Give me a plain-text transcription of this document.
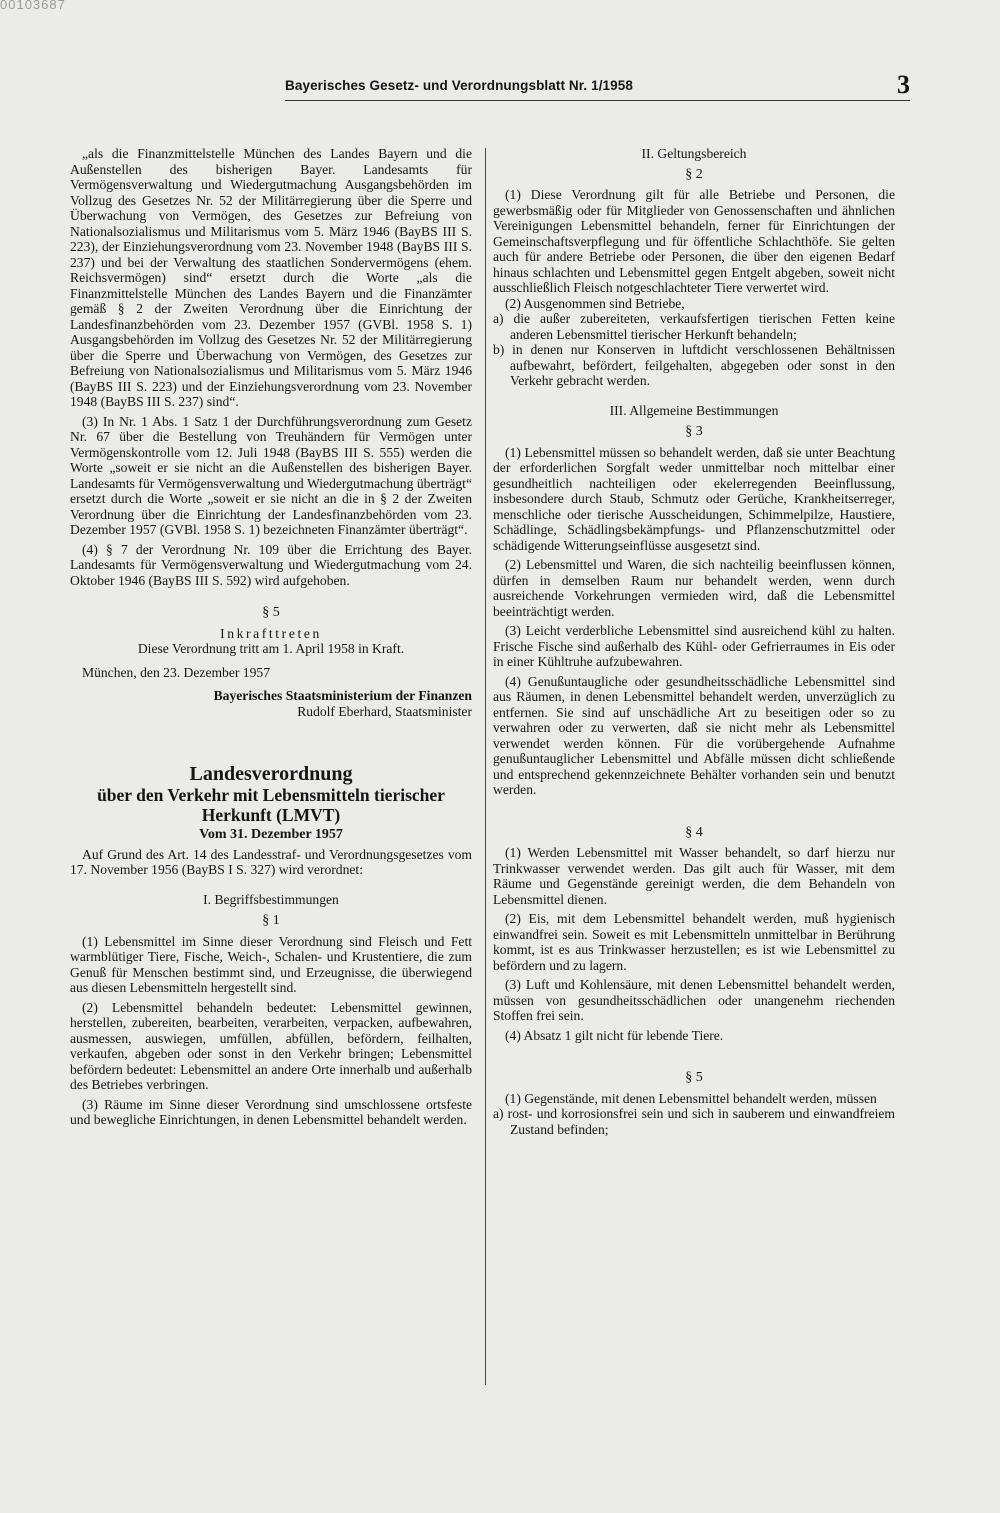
00103687
Bayerisches Gesetz- und Verordnungsblatt Nr. 1/1958	3

„als die Finanzmittelstelle München des Landes Bayern und die Außenstellen des bisherigen Bayer. Landesamts für Vermögensverwaltung und Wiedergutmachung Ausgangsbehörden im Vollzug des Gesetzes Nr. 52 der Militärregierung über die Sperre und Überwachung von Vermögen, des Gesetzes zur Befreiung von Nationalsozialismus und Militarismus vom 5. März 1946 (BayBS III S. 223), der Einziehungsverordnung vom 23. November 1948 (BayBS III S. 237) und bei der Verwaltung des staatlichen Sondervermögens (ehem. Reichsvermögen) sind“ ersetzt durch die Worte „als die Finanzmittelstelle München des Landes Bayern und die Finanzämter gemäß § 2 der Zweiten Verordnung über die Einrichtung der Landesfinanzbehörden vom 23. Dezember 1957 (GVBl. 1958 S. 1) Ausgangsbehörden im Vollzug des Gesetzes Nr. 52 der Militärregierung über die Sperre und Überwachung von Vermögen, des Gesetzes zur Befreiung von Nationalsozialismus und Militarismus vom 5. März 1946 (BayBS III S. 223) und der Einziehungsverordnung vom 23. November 1948 (BayBS III S. 237) sind“.

(3) In Nr. 1 Abs. 1 Satz 1 der Durchführungsverordnung zum Gesetz Nr. 67 über die Bestellung von Treuhändern für Vermögen unter Vermögenskontrolle vom 12. Juli 1948 (BayBS III S. 555) werden die Worte „soweit er sie nicht an die Außenstellen des bisherigen Bayer. Landesamts für Vermögensverwaltung und Wiedergutmachung überträgt“ ersetzt durch die Worte „soweit er sie nicht an die in § 2 der Zweiten Verordnung über die Einrichtung der Landesfinanzbehörden vom 23. Dezember 1957 (GVBl. 1958 S. 1) bezeichneten Finanzämter überträgt“.

(4) § 7 der Verordnung Nr. 109 über die Errichtung des Bayer. Landesamts für Vermögensverwaltung und Wiedergutmachung vom 24. Oktober 1946 (BayBS III S. 592) wird aufgehoben.

§ 5

Inkrafttreten

Diese Verordnung tritt am 1. April 1958 in Kraft.

München, den 23. Dezember 1957

Bayerisches Staatsministerium der Finanzen

Rudolf Eberhard, Staatsminister

Landesverordnung

über den Verkehr mit Lebensmitteln tierischer

Herkunft (LMVT)

Vom 31. Dezember 1957

Auf Grund des Art. 14 des Landesstraf- und Verordnungsgesetzes vom 17. November 1956 (BayBS I S. 327) wird verordnet:

I. Begriffsbestimmungen

§ 1

(1) Lebensmittel im Sinne dieser Verordnung sind Fleisch und Fett warmblütiger Tiere, Fische, Weich-, Schalen- und Krustentiere, die zum Genuß für Menschen bestimmt sind, und Erzeugnisse, die überwiegend aus diesen Lebensmitteln hergestellt sind.

(2) Lebensmittel behandeln bedeutet: Lebensmittel gewinnen, herstellen, zubereiten, bearbeiten, verarbeiten, verpacken, aufbewahren, ausmessen, auswiegen, umfüllen, abfüllen, befördern, feilhalten, verkaufen, abgeben oder sonst in den Verkehr bringen; Lebensmittel befördern bedeutet: Lebensmittel an andere Orte innerhalb und außerhalb des Betriebes verbringen.

(3) Räume im Sinne dieser Verordnung sind umschlossene ortsfeste und bewegliche Einrichtungen, in denen Lebensmittel behandelt werden.

II. Geltungsbereich

§ 2

(1) Diese Verordnung gilt für alle Betriebe und Personen, die gewerbsmäßig oder für Mitglieder von Genossenschaften und ähnlichen Vereinigungen Lebensmittel behandeln, ferner für Einrichtungen der Gemeinschaftsverpflegung und für öffentliche Schlachthöfe. Sie gelten auch für andere Betriebe oder Personen, die über den eigenen Bedarf hinaus schlachten und Lebensmittel gegen Entgelt abgeben, soweit nicht ausschließlich Fleisch notgeschlachteter Tiere verwertet wird.

(2) Ausgenommen sind Betriebe,

a) die außer zubereiteten, verkaufsfertigen tierischen Fetten keine anderen Lebensmittel tierischer Herkunft behandeln;

b) in denen nur Konserven in luftdicht verschlossenen Behältnissen aufbewahrt, befördert, feilgehalten, abgegeben oder sonst in den Verkehr gebracht werden.

III. Allgemeine Bestimmungen

§ 3

(1) Lebensmittel müssen so behandelt werden, daß sie unter Beachtung der erforderlichen Sorgfalt weder unmittelbar noch mittelbar einer gesundheitlich nachteiligen oder ekelerregenden Beeinflussung, insbesondere durch Staub, Schmutz oder Gerüche, Krankheitserreger, menschliche oder tierische Ausscheidungen, Schimmelpilze, Haustiere, Schädlinge, Schädlingsbekämpfungs- und Pflanzenschutzmittel oder schädigende Witterungseinflüsse ausgesetzt sind.

(2) Lebensmittel und Waren, die sich nachteilig beeinflussen können, dürfen in demselben Raum nur behandelt werden, wenn durch ausreichende Vorkehrungen vermieden wird, daß die Lebensmittel beeinträchtigt werden.

(3) Leicht verderbliche Lebensmittel sind ausreichend kühl zu halten. Frische Fische sind außerhalb des Kühl- oder Gefrierraumes in Eis oder in einer Kühltruhe aufzubewahren.

(4) Genußuntaugliche oder gesundheitsschädliche Lebensmittel sind aus Räumen, in denen Lebensmittel behandelt werden, unverzüglich zu entfernen. Sie sind auf unschädliche Art zu beseitigen oder so zu verwahren oder zu verwerten, daß sie nicht mehr als Lebensmittel verwendet werden können. Für die vorübergehende Aufnahme genußuntauglicher Lebensmittel und Abfälle müssen dicht schließende und entsprechend gekennzeichnete Behälter vorhanden sein und benutzt werden.

§ 4

(1) Werden Lebensmittel mit Wasser behandelt, so darf hierzu nur Trinkwasser verwendet werden. Das gilt auch für Wasser, mit dem Räume und Gegenstände gereinigt werden, die dem Behandeln von Lebensmittel dienen.

(2) Eis, mit dem Lebensmittel behandelt werden, muß hygienisch einwandfrei sein. Soweit es mit Lebensmitteln unmittelbar in Berührung kommt, ist es aus Trinkwasser herzustellen; es ist wie Lebensmittel zu befördern und zu lagern.

(3) Luft und Kohlensäure, mit denen Lebensmittel behandelt werden, müssen von gesundheitsschädlichen oder unangenehm riechenden Stoffen frei sein.

(4) Absatz 1 gilt nicht für lebende Tiere.

§ 5

(1) Gegenstände, mit denen Lebensmittel behandelt werden, müssen

a) rost- und korrosionsfrei sein und sich in sauberem und einwandfreiem Zustand befinden;
